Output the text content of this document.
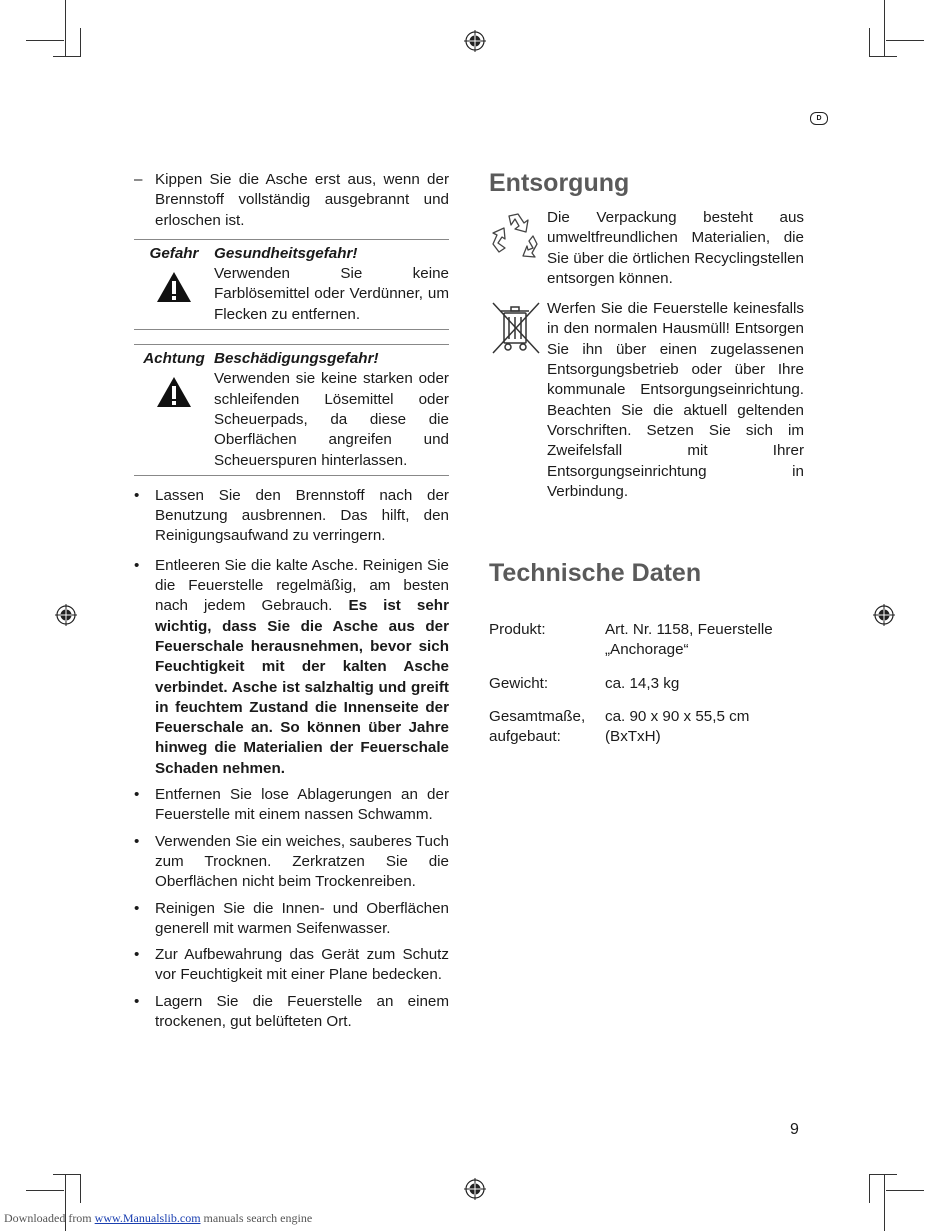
D
– Kippen Sie die Asche erst aus, wenn der Brennstoff vollständig ausgebrannt und erloschen ist.
Gefahr	Gesundheitsgefahr!
Verwenden Sie keine Farblösemittel oder Verdünner, um Flecken zu entfernen.
Achtung Beschädigungsgefahr!
Verwenden sie keine starken oder schleifenden Lösemittel oder Scheuerpads, da diese die Oberflächen angreifen und Scheuerspuren hinterlassen.
•	Lassen Sie den Brennstoff nach der Benutzung ausbrennen. Das hilft, den Reinigungsaufwand zu verringern.
•	Entleeren Sie die kalte Asche. Reinigen Sie die Feuerstelle regelmäßig, am besten nach jedem Gebrauch. Es ist sehr wichtig, dass Sie die Asche aus der Feuerschale herausnehmen, bevor sich Feuchtigkeit mit der kalten Asche verbindet. Asche ist salzhaltig und greift in feuchtem Zustand die Innenseite der Feuerschale an. So können über Jahre hinweg die Materialien der Feuerschale Schaden nehmen.
•	Entfernen Sie lose Ablagerungen an der Feuerstelle mit einem nassen Schwamm.
•	Verwenden Sie ein weiches, sauberes Tuch zum Trocknen. Zerkratzen Sie die Oberflächen nicht beim Trockenreiben.
•	Reinigen Sie die Innen- und Oberflächen generell mit warmen Seifenwasser.
•	Zur Aufbewahrung das Gerät zum Schutz vor Feuchtigkeit mit einer Plane bedecken.
•	Lagern Sie die Feuerstelle an einem trockenen, gut belüfteten Ort.
Entsorgung
Die Verpackung besteht aus umweltfreundlichen Materialien, die Sie über die örtlichen Recyclingstellen entsorgen können.
Werfen Sie die Feuerstelle keinesfalls in den normalen Hausmüll! Entsorgen Sie ihn über einen zugelassenen Entsorgungsbetrieb oder über Ihre kommunale Entsorgungseinrichtung. Beachten Sie die aktuell geltenden Vorschriften. Setzen Sie sich im Zweifelsfall mit Ihrer Entsorgungseinrichtung in Verbindung.
Technische Daten
Produkt:	Art. Nr. 1158, Feuerstelle „Anchorage“
Gewicht:	ca. 14,3 kg
Gesamtmaße, aufgebaut:
ca. 90 x 90 x 55,5 cm (BxTxH)
9
Downloaded from www.Manualslib.com manuals search engine
